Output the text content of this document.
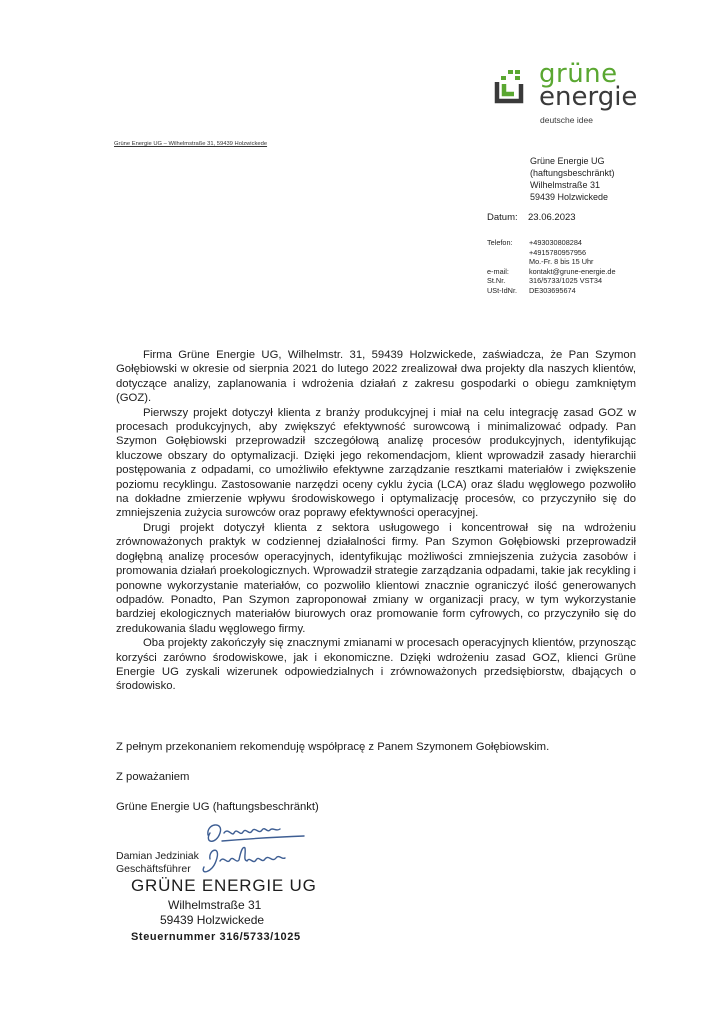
grüne
energie
deutsche idee
Grüne Energie UG – Wilhelmstraße 31, 59439 Holzwickede
Grüne Energie UG
(haftungsbeschränkt)
Wilhelmstraße 31
59439 Holzwickede
Datum: 23.06.2023
Telefon:	+493030808284
+4915780957956
Mo.-Fr. 8 bis 15 Uhr
e-mail:	kontakt@grune-energie.de
St.Nr.	316/5733/1025 VST34
USt-IdNr.	DE303695674

Firma Grüne Energie UG, Wilhelmstr. 31, 59439 Holzwickede, zaświadcza, że Pan Szymon Gołębiowski w okresie od sierpnia 2021 do lutego 2022 zrealizował dwa projekty dla naszych klientów, dotyczące analizy, zaplanowania i wdrożenia działań z zakresu gospodarki o obiegu zamkniętym (GOZ).

Pierwszy projekt dotyczył klienta z branży produkcyjnej i miał na celu integrację zasad GOZ w procesach produkcyjnych, aby zwiększyć efektywność surowcową i minimalizować odpady. Pan Szymon Gołębiowski przeprowadził szczegółową analizę procesów produkcyjnych, identyfikując kluczowe obszary do optymalizacji. Dzięki jego rekomendacjom, klient wprowadził zasady hierarchii postępowania z odpadami, co umożliwiło efektywne zarządzanie resztkami materiałów i zwiększenie poziomu recyklingu. Zastosowanie narzędzi oceny cyklu życia (LCA) oraz śladu węglowego pozwoliło na dokładne zmierzenie wpływu środowiskowego i optymalizację procesów, co przyczyniło się do zmniejszenia zużycia surowców oraz poprawy efektywności operacyjnej.

Drugi projekt dotyczył klienta z sektora usługowego i koncentrował się na wdrożeniu zrównoważonych praktyk w codziennej działalności firmy. Pan Szymon Gołębiowski przeprowadził dogłębną analizę procesów operacyjnych, identyfikując możliwości zmniejszenia zużycia zasobów i promowania działań proekologicznych. Wprowadził strategie zarządzania odpadami, takie jak recykling i ponowne wykorzystanie materiałów, co pozwoliło klientowi znacznie ograniczyć ilość generowanych odpadów. Ponadto, Pan Szymon zaproponował zmiany w organizacji pracy, w tym wykorzystanie bardziej ekologicznych materiałów biurowych oraz promowanie form cyfrowych, co przyczyniło się do zredukowania śladu węglowego firmy.

Oba projekty zakończyły się znacznymi zmianami w procesach operacyjnych klientów, przynosząc korzyści zarówno środowiskowe, jak i ekonomiczne. Dzięki wdrożeniu zasad GOZ, klienci Grüne Energie UG zyskali wizerunek odpowiedzialnych i zrównoważonych przedsiębiorstw, dbających o środowisko.

Z pełnym przekonaniem rekomenduję współpracę z Panem Szymonem Gołębiowskim.
Z poważaniem
Grüne Energie UG (haftungsbeschränkt)
Damian Jedziniak
Geschäftsführer
GRÜNE ENERGIE UG
Wilhelmstraße 31
59439 Holzwickede
Steuernummer 316/5733/1025
